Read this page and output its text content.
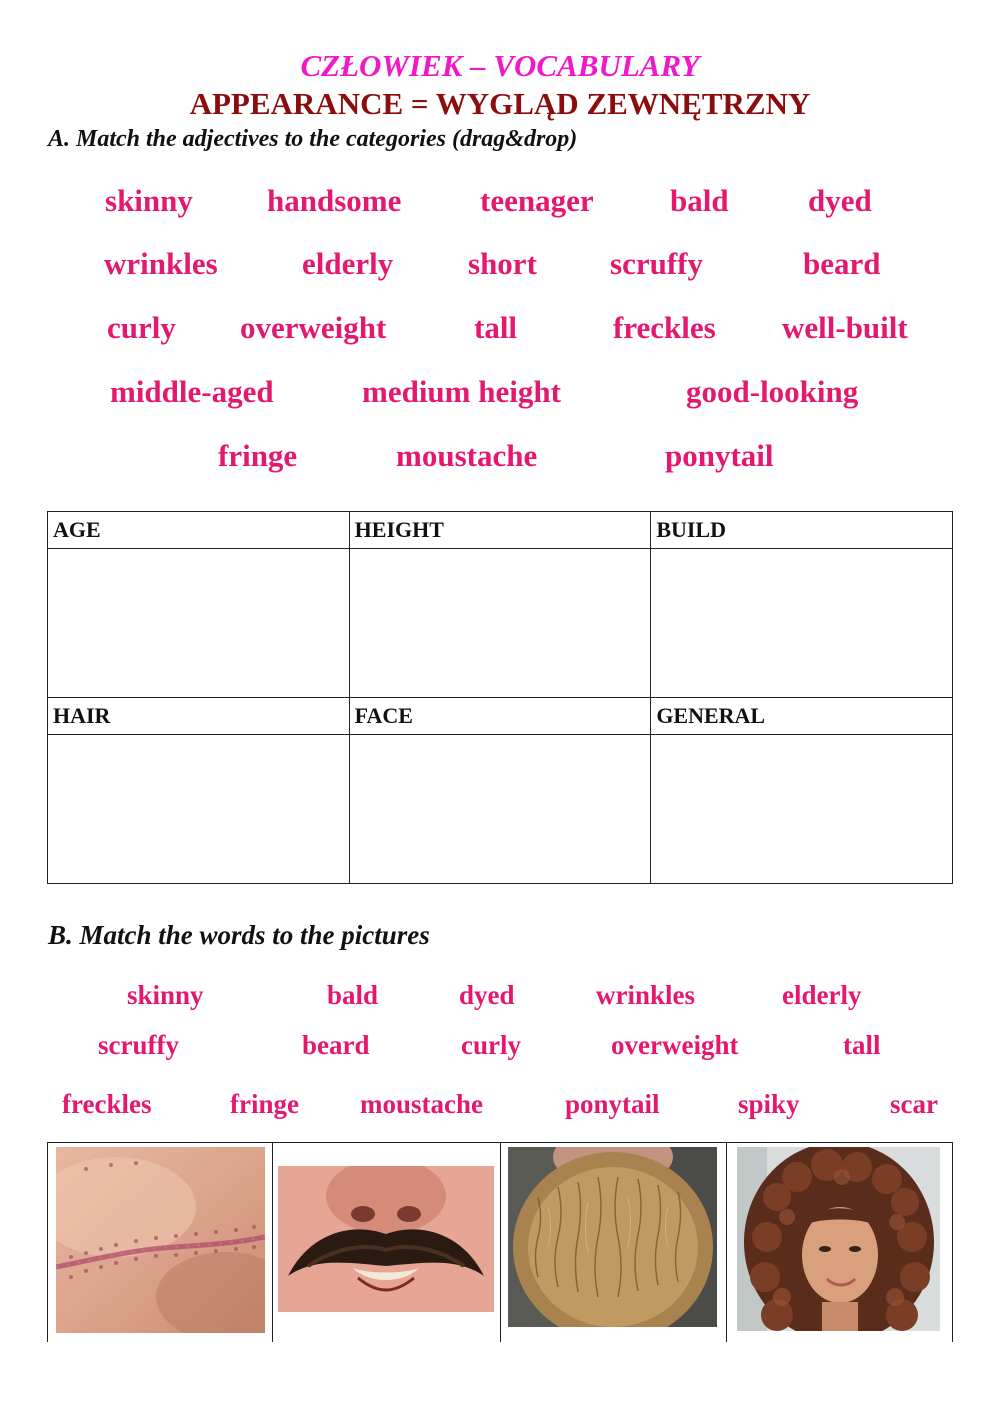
CZŁOWIEK – VOCABULARY
APPEARANCE = WYGLĄD ZEWNĘTRZNY
A. Match the adjectives to the categories (drag&drop)
skinny handsome	teenager bald	dyed
wrinkles	elderly short scruffy	beard
curly overweight	tall	freckles well-built
middle-aged	medium height	good-looking
fringe	moustache	ponytail
AGE	HEIGHT	BUILD

HAIR	FACE	GENERAL

B. Match the words to the pictures
skinny	bald	dyed	wrinkles	elderly
scruffy	beard	curly	overweight	tall
freckles	fringe moustache	ponytail	spiky	scar
